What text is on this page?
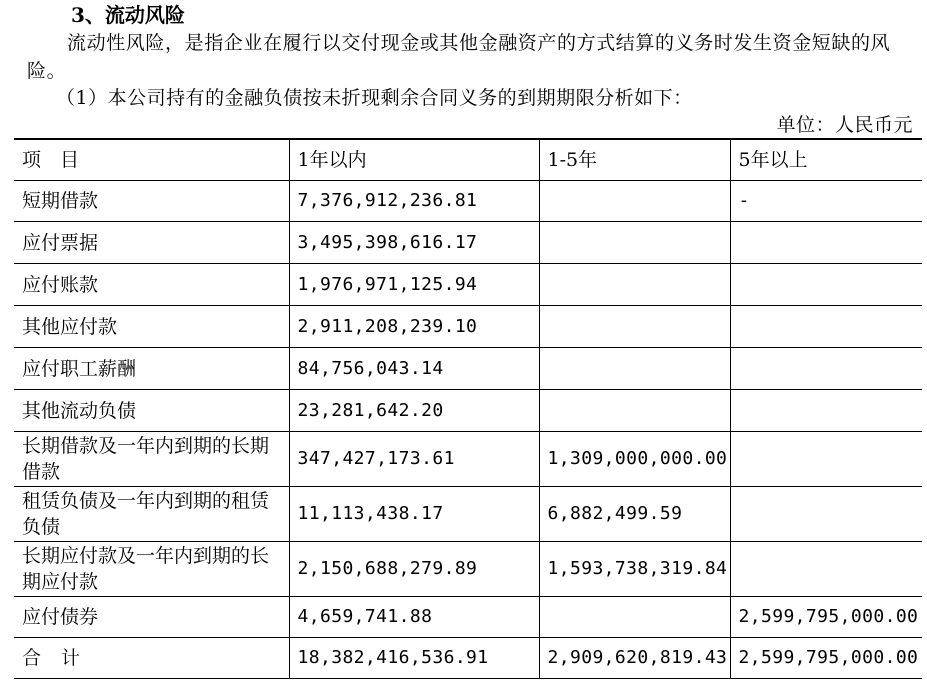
3、流动风险
流动性风险，是指企业在履行以交付现金或其他金融资产的方式结算的义务时发生资金短缺的风险。
（1）本公司持有的金融负债按未折现剩余合同义务的到期期限分析如下：
单位：人民币元
项　目	1年以内	1-5年	5年以上
短期借款	7,376,912,236.81		-
应付票据	3,495,398,616.17		
应付账款	1,976,971,125.94		
其他应付款	2,911,208,239.10		
应付职工薪酬	84,756,043.14		
其他流动负债	23,281,642.20		
长期借款及一年内到期的长期借款	347,427,173.61	1,309,000,000.00	
租赁负债及一年内到期的租赁负债	11,113,438.17	6,882,499.59	
长期应付款及一年内到期的长期应付款	2,150,688,279.89	1,593,738,319.84	
应付债券	4,659,741.88		2,599,795,000.00
合计	18,382,416,536.91	2,909,620,819.43	2,599,795,000.00
